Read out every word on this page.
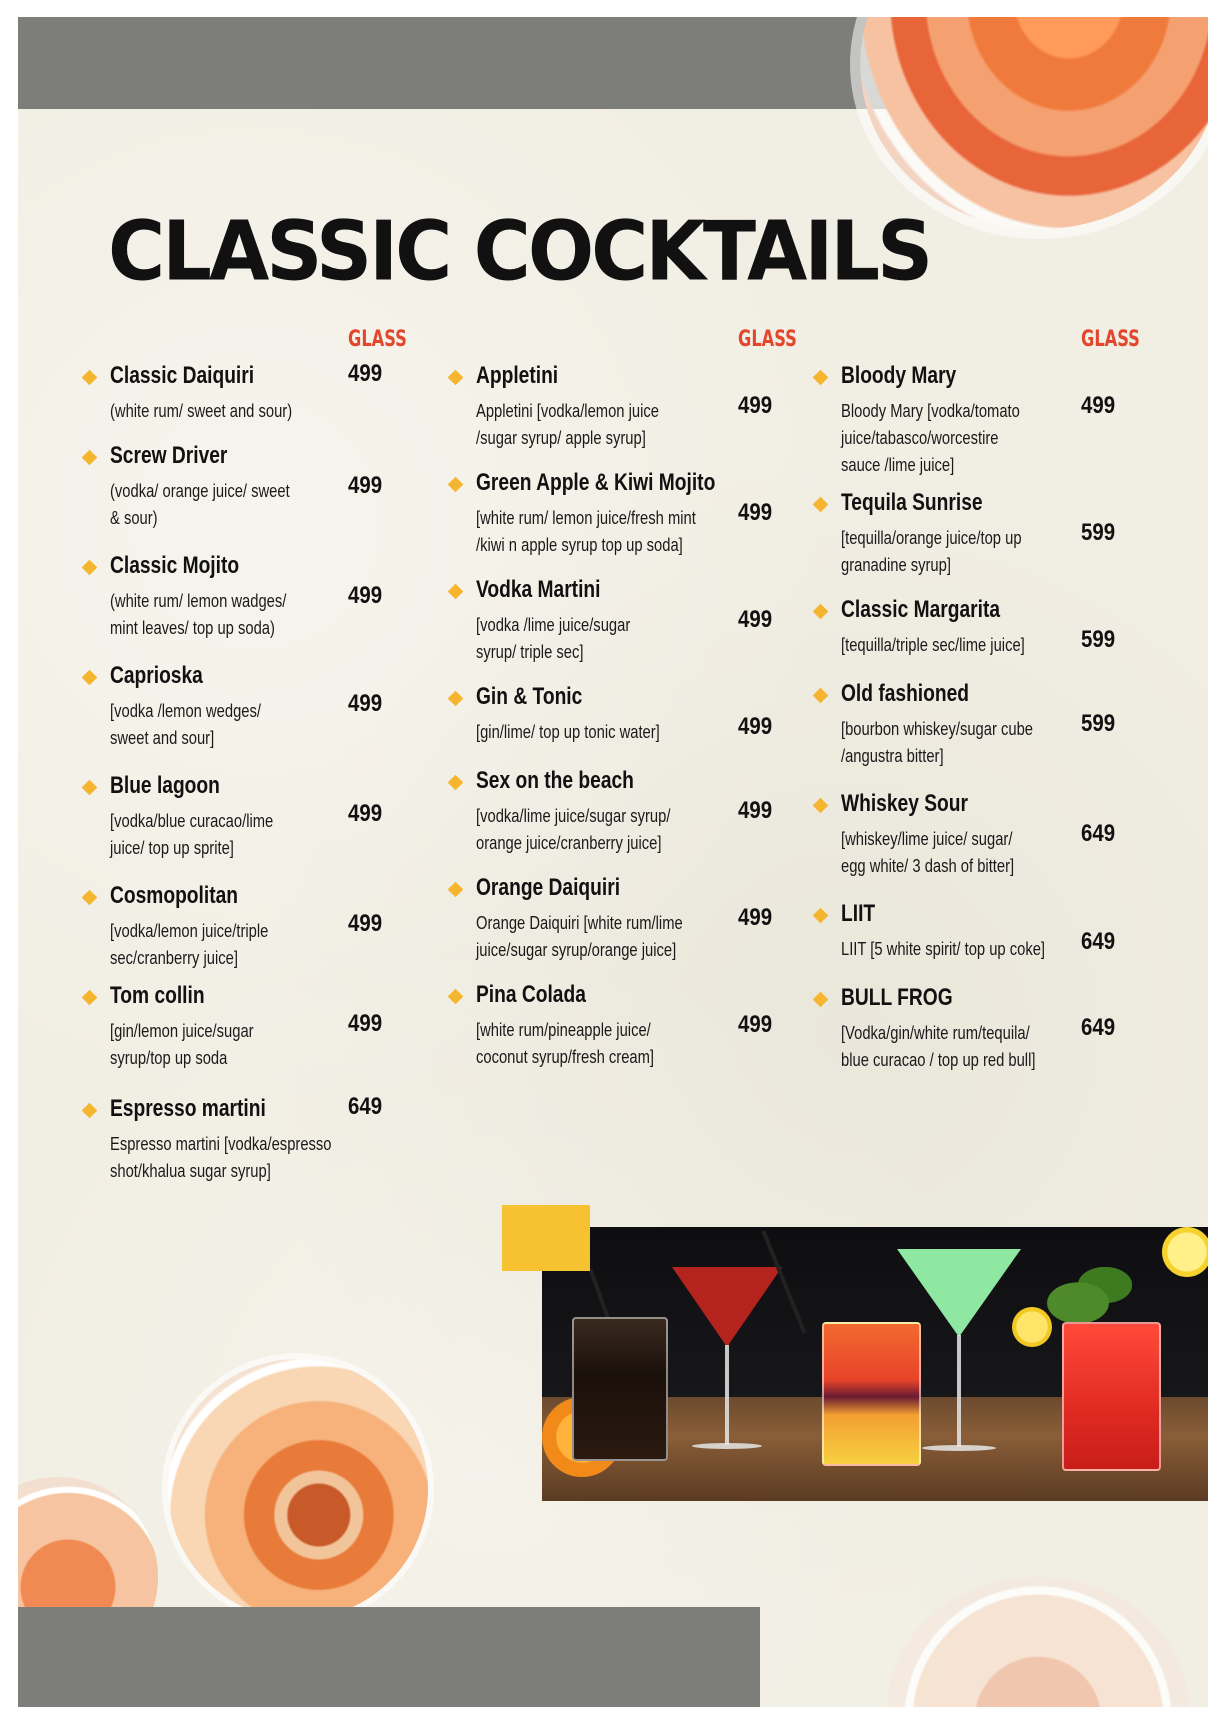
CLASSIC COCKTAILS
GLASS
Classic Daiquiri
(white rum/ sweet and sour)
499
Screw Driver
(vodka/ orange juice/ sweet
& sour)
499
Classic Mojito
(white rum/ lemon wadges/
mint leaves/ top up soda)
499
Caprioska
[vodka /lemon wedges/
sweet and sour]
499
Blue lagoon
[vodka/blue curacao/lime
juice/ top up sprite]
499
Cosmopolitan
[vodka/lemon juice/triple
sec/cranberry juice]
499
Tom collin
[gin/lemon juice/sugar
syrup/top up soda
499
Espresso martini
Espresso martini [vodka/espresso
shot/khalua sugar syrup]
649
GLASS
Appletini
Appletini [vodka/lemon juice
/sugar syrup/ apple syrup]
499
Green Apple & Kiwi Mojito
[white rum/ lemon juice/fresh mint
/kiwi n apple syrup top up soda]
499
Vodka Martini
[vodka /lime juice/sugar
syrup/ triple sec]
499
Gin & Tonic
[gin/lime/ top up tonic water]	499
Sex on the beach
[vodka/lime juice/sugar syrup/
orange juice/cranberry juice]
499
Orange Daiquiri
Orange Daiquiri [white rum/lime
juice/sugar syrup/orange juice]
499
Pina Colada
[white rum/pineapple juice/
coconut syrup/fresh cream]
499
GLASS
Bloody Mary
Bloody Mary [vodka/tomato
juice/tabasco/worcestire
sauce /lime juice]
499
Tequila Sunrise
[tequilla/orange juice/top up
granadine syrup]
599
Classic Margarita
[tequilla/triple sec/lime juice]	599
Old fashioned
[bourbon whiskey/sugar cube
/angustra bitter]
599
Whiskey Sour
[whiskey/lime juice/ sugar/
egg white/ 3 dash of bitter]
649
LIIT
LIIT [5 white spirit/ top up coke]	649
BULL FROG
[Vodka/gin/white rum/tequila/
blue curacao / top up red bull]
649
